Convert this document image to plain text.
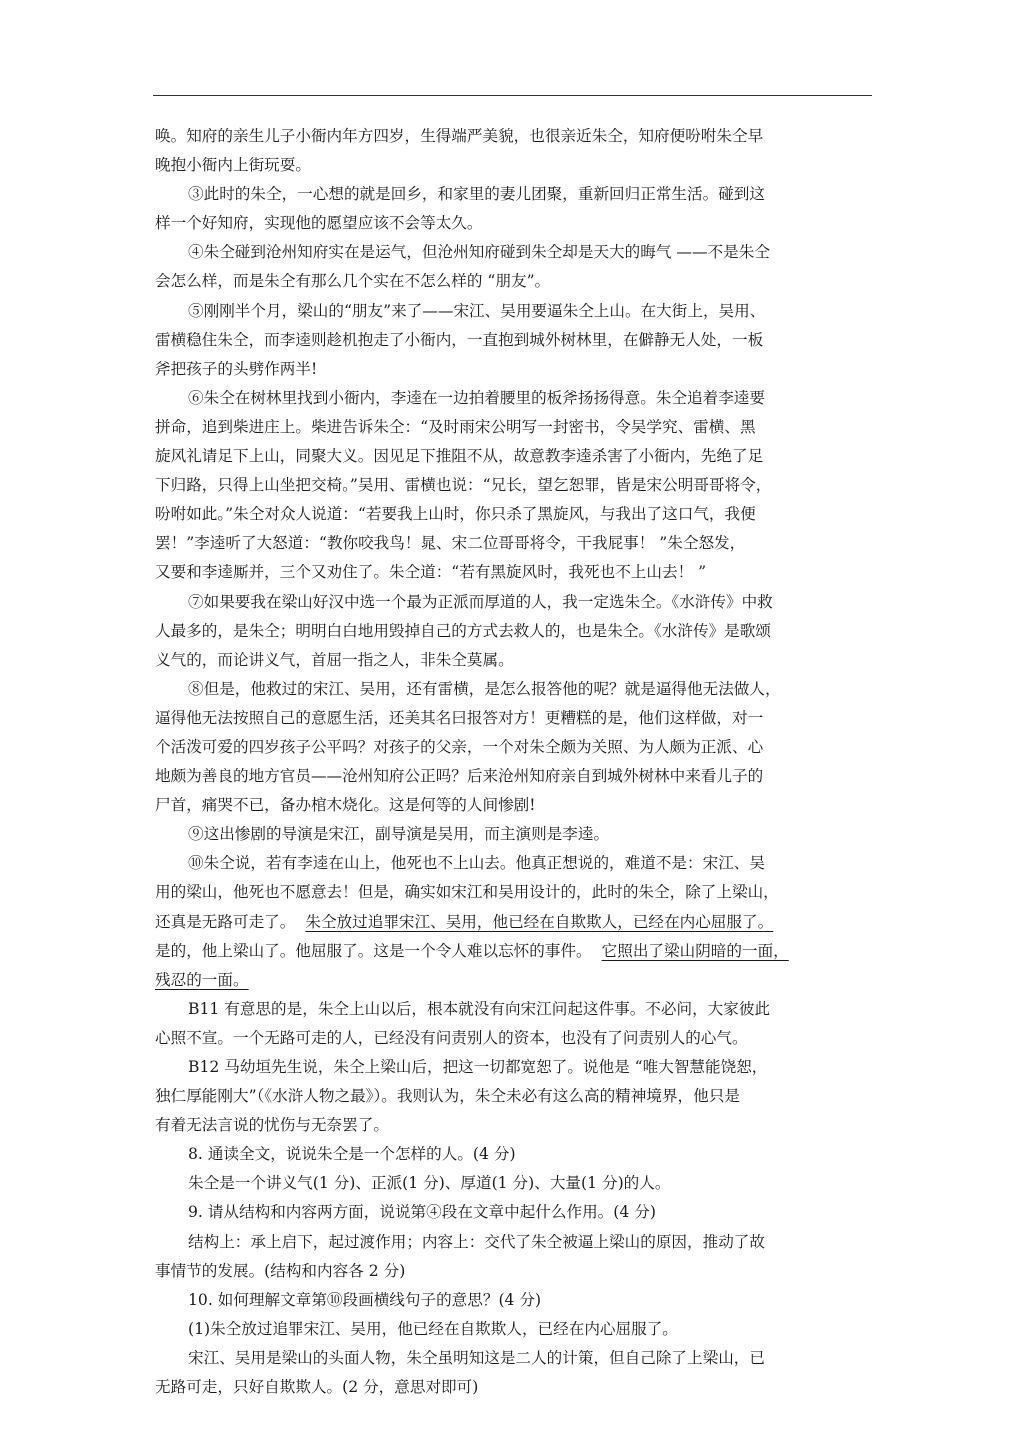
唤。知府的亲生儿子小衙内年方四岁，生得端严美貌，也很亲近朱仝，知府便吩咐朱仝早
晚抱小衙内上街玩耍。
③此时的朱仝，一心想的就是回乡，和家里的妻儿团聚，重新回归正常生活。碰到这
样一个好知府，实现他的愿望应该不会等太久。
④朱仝碰到沧州知府实在是运气，但沧州知府碰到朱仝却是天大的晦气 ——不是朱仝
会怎么样，而是朱仝有那么几个实在不怎么样的 “朋友”。
⑤刚刚半个月，梁山的“朋友”来了——宋江、吴用要逼朱仝上山。在大街上，吴用、
雷横稳住朱仝，而李逵则趁机抱走了小衙内，一直抱到城外树林里，在僻静无人处，一板
斧把孩子的头劈作两半!
⑥朱仝在树林里找到小衙内，李逵在一边拍着腰里的板斧扬扬得意。朱仝追着李逵要
拼命，追到柴进庄上。柴进告诉朱仝：“及时雨宋公明写一封密书，令吴学究、雷横、黑
旋风礼请足下上山，同聚大义。因见足下推阻不从，故意教李逵杀害了小衙内，先绝了足
下归路，只得上山坐把交椅。”吴用、雷横也说：“兄长，望乞恕罪，皆是宋公明哥哥将令，
吩咐如此。”朱仝对众人说道：“若要我上山时，你只杀了黑旋风，与我出了这口气，我便
罢！”李逵听了大怒道：“教你咬我鸟！晁、宋二位哥哥将令，干我屁事！ ”朱仝怒发，
又要和李逵厮并，三个又劝住了。朱仝道：“若有黑旋风时，我死也不上山去！ ”
⑦如果要我在梁山好汉中选一个最为正派而厚道的人，我一定选朱仝。《水浒传》中救
人最多的，是朱仝；明明白白地用毁掉自己的方式去救人的，也是朱仝。《水浒传》是歌颂
义气的，而论讲义气，首屈一指之人，非朱仝莫属。
⑧但是，他救过的宋江、吴用，还有雷横，是怎么报答他的呢？就是逼得他无法做人，
逼得他无法按照自己的意愿生活，还美其名曰报答对方！更糟糕的是，他们这样做，对一
个活泼可爱的四岁孩子公平吗？对孩子的父亲，一个对朱仝颇为关照、为人颇为正派、心
地颇为善良的地方官员——沧州知府公正吗？后来沧州知府亲自到城外树林中来看儿子的
尸首，痛哭不已，备办棺木烧化。这是何等的人间惨剧!
⑨这出惨剧的导演是宋江，副导演是吴用，而主演则是李逵。
⑩朱仝说，若有李逵在山上，他死也不上山去。他真正想说的，难道不是：宋江、吴
用的梁山，他死也不愿意去！但是，确实如宋江和吴用设计的，此时的朱仝，除了上梁山，
还真是无路可走了。 朱仝放过追罪宋江、吴用，他已经在自欺欺人，已经在内心屈服了。
是的，他上梁山了。他屈服了。这是一个令人难以忘怀的事件。 它照出了梁山阴暗的一面，
残忍的一面。
B11 有意思的是，朱仝上山以后，根本就没有向宋江问起这件事。不必问，大家彼此
心照不宣。一个无路可走的人，已经没有问责别人的资本，也没有了问责别人的心气。
B12 马幼垣先生说，朱仝上梁山后，把这一切都宽恕了。说他是 “唯大智慧能饶恕，
独仁厚能刚大”（《水浒人物之最》）。我则认为，朱仝未必有这么高的精神境界，他只是
有着无法言说的忧伤与无奈罢了。
8. 通读全文，说说朱仝是一个怎样的人。(4 分)
朱仝是一个讲义气(1 分)、正派(1 分)、厚道(1 分)、大量(1 分)的人。
9. 请从结构和内容两方面，说说第④段在文章中起什么作用。(4 分)
结构上：承上启下，起过渡作用；内容上：交代了朱仝被逼上梁山的原因，推动了故
事情节的发展。(结构和内容各 2 分)
10. 如何理解文章第⑩段画横线句子的意思？(4 分)
(1)朱仝放过追罪宋江、吴用，他已经在自欺欺人，已经在内心屈服了。
宋江、吴用是梁山的头面人物，朱仝虽明知这是二人的计策，但自己除了上梁山，已
无路可走，只好自欺欺人。(2 分，意思对即可)
